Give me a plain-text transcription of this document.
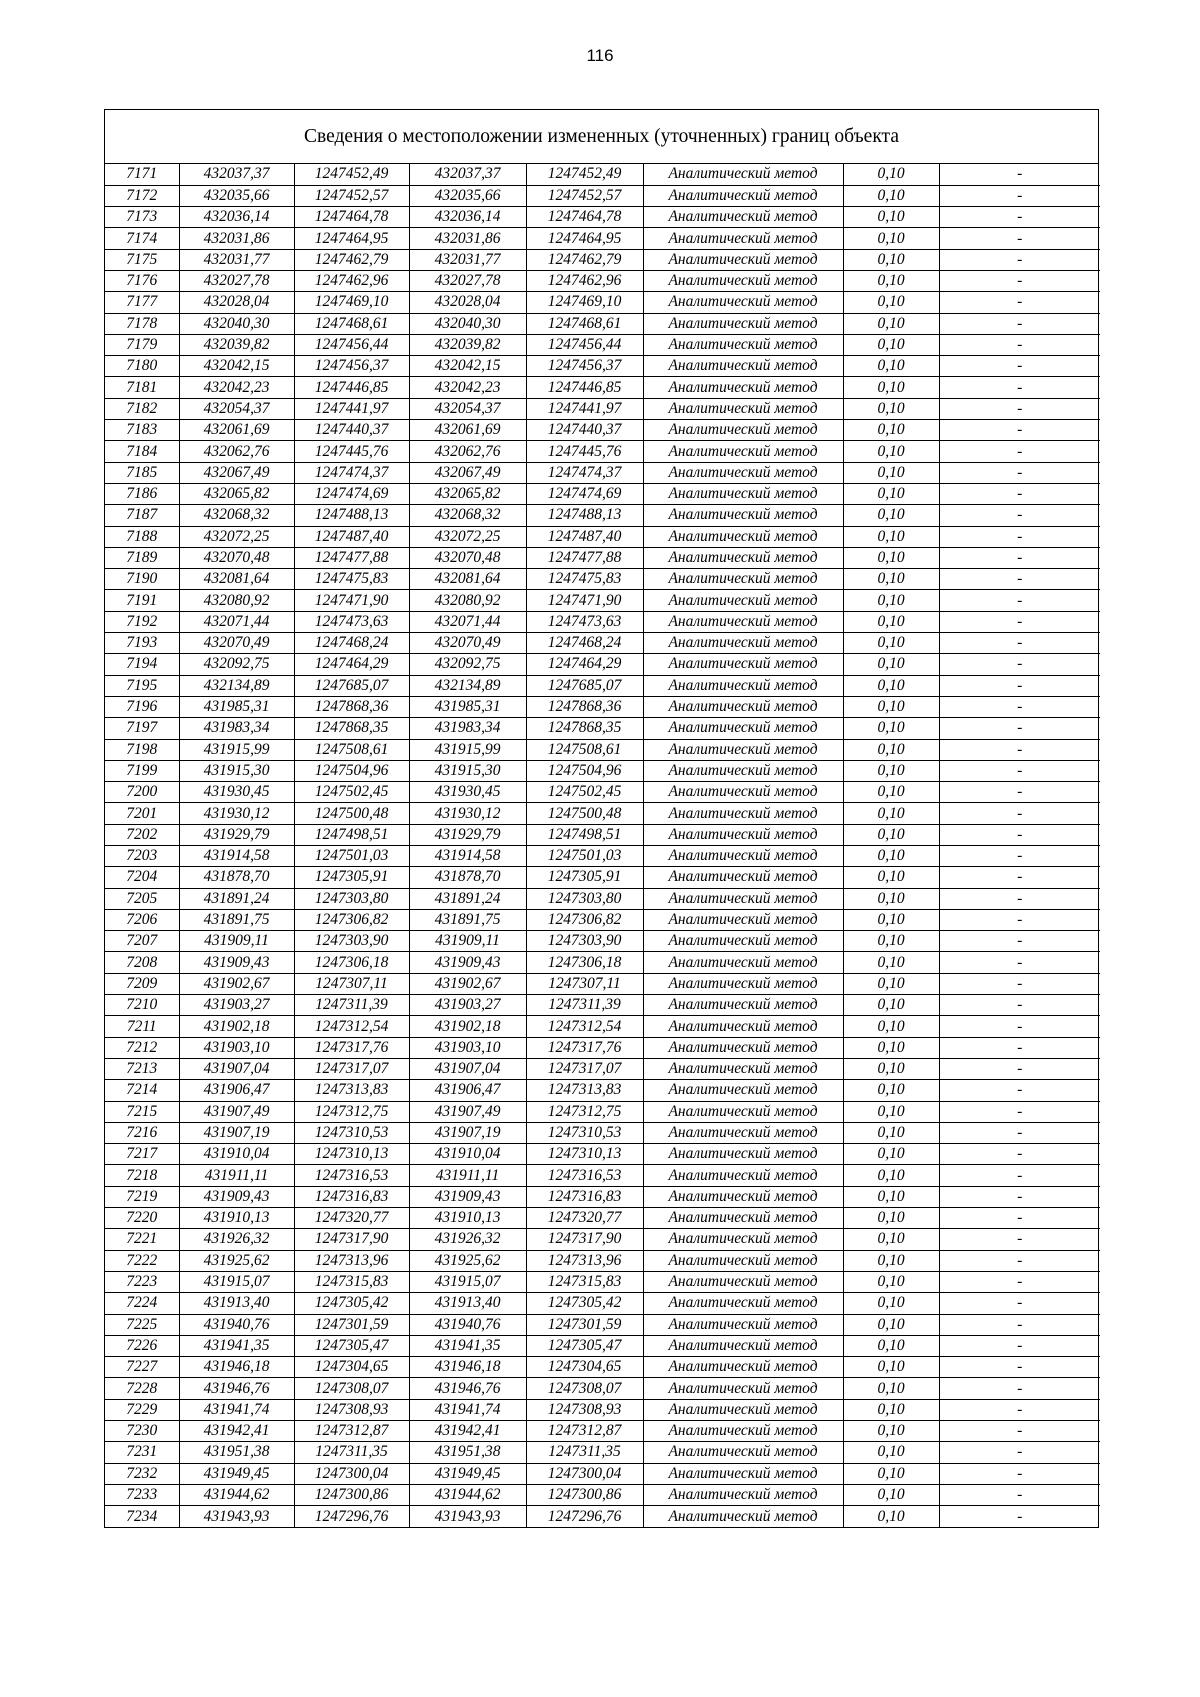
116
Сведения о местоположении измененных (уточненных) границ объекта
7171	432037,37	1247452,49	432037,37	1247452,49	Аналитический метод	0,10	-
7172	432035,66	1247452,57	432035,66	1247452,57	Аналитический метод	0,10	-
7173	432036,14	1247464,78	432036,14	1247464,78	Аналитический метод	0,10	-
7174	432031,86	1247464,95	432031,86	1247464,95	Аналитический метод	0,10	-
7175	432031,77	1247462,79	432031,77	1247462,79	Аналитический метод	0,10	-
7176	432027,78	1247462,96	432027,78	1247462,96	Аналитический метод	0,10	-
7177	432028,04	1247469,10	432028,04	1247469,10	Аналитический метод	0,10	-
7178	432040,30	1247468,61	432040,30	1247468,61	Аналитический метод	0,10	-
7179	432039,82	1247456,44	432039,82	1247456,44	Аналитический метод	0,10	-
7180	432042,15	1247456,37	432042,15	1247456,37	Аналитический метод	0,10	-
7181	432042,23	1247446,85	432042,23	1247446,85	Аналитический метод	0,10	-
7182	432054,37	1247441,97	432054,37	1247441,97	Аналитический метод	0,10	-
7183	432061,69	1247440,37	432061,69	1247440,37	Аналитический метод	0,10	-
7184	432062,76	1247445,76	432062,76	1247445,76	Аналитический метод	0,10	-
7185	432067,49	1247474,37	432067,49	1247474,37	Аналитический метод	0,10	-
7186	432065,82	1247474,69	432065,82	1247474,69	Аналитический метод	0,10	-
7187	432068,32	1247488,13	432068,32	1247488,13	Аналитический метод	0,10	-
7188	432072,25	1247487,40	432072,25	1247487,40	Аналитический метод	0,10	-
7189	432070,48	1247477,88	432070,48	1247477,88	Аналитический метод	0,10	-
7190	432081,64	1247475,83	432081,64	1247475,83	Аналитический метод	0,10	-
7191	432080,92	1247471,90	432080,92	1247471,90	Аналитический метод	0,10	-
7192	432071,44	1247473,63	432071,44	1247473,63	Аналитический метод	0,10	-
7193	432070,49	1247468,24	432070,49	1247468,24	Аналитический метод	0,10	-
7194	432092,75	1247464,29	432092,75	1247464,29	Аналитический метод	0,10	-
7195	432134,89	1247685,07	432134,89	1247685,07	Аналитический метод	0,10	-
7196	431985,31	1247868,36	431985,31	1247868,36	Аналитический метод	0,10	-
7197	431983,34	1247868,35	431983,34	1247868,35	Аналитический метод	0,10	-
7198	431915,99	1247508,61	431915,99	1247508,61	Аналитический метод	0,10	-
7199	431915,30	1247504,96	431915,30	1247504,96	Аналитический метод	0,10	-
7200	431930,45	1247502,45	431930,45	1247502,45	Аналитический метод	0,10	-
7201	431930,12	1247500,48	431930,12	1247500,48	Аналитический метод	0,10	-
7202	431929,79	1247498,51	431929,79	1247498,51	Аналитический метод	0,10	-
7203	431914,58	1247501,03	431914,58	1247501,03	Аналитический метод	0,10	-
7204	431878,70	1247305,91	431878,70	1247305,91	Аналитический метод	0,10	-
7205	431891,24	1247303,80	431891,24	1247303,80	Аналитический метод	0,10	-
7206	431891,75	1247306,82	431891,75	1247306,82	Аналитический метод	0,10	-
7207	431909,11	1247303,90	431909,11	1247303,90	Аналитический метод	0,10	-
7208	431909,43	1247306,18	431909,43	1247306,18	Аналитический метод	0,10	-
7209	431902,67	1247307,11	431902,67	1247307,11	Аналитический метод	0,10	-
7210	431903,27	1247311,39	431903,27	1247311,39	Аналитический метод	0,10	-
7211	431902,18	1247312,54	431902,18	1247312,54	Аналитический метод	0,10	-
7212	431903,10	1247317,76	431903,10	1247317,76	Аналитический метод	0,10	-
7213	431907,04	1247317,07	431907,04	1247317,07	Аналитический метод	0,10	-
7214	431906,47	1247313,83	431906,47	1247313,83	Аналитический метод	0,10	-
7215	431907,49	1247312,75	431907,49	1247312,75	Аналитический метод	0,10	-
7216	431907,19	1247310,53	431907,19	1247310,53	Аналитический метод	0,10	-
7217	431910,04	1247310,13	431910,04	1247310,13	Аналитический метод	0,10	-
7218	431911,11	1247316,53	431911,11	1247316,53	Аналитический метод	0,10	-
7219	431909,43	1247316,83	431909,43	1247316,83	Аналитический метод	0,10	-
7220	431910,13	1247320,77	431910,13	1247320,77	Аналитический метод	0,10	-
7221	431926,32	1247317,90	431926,32	1247317,90	Аналитический метод	0,10	-
7222	431925,62	1247313,96	431925,62	1247313,96	Аналитический метод	0,10	-
7223	431915,07	1247315,83	431915,07	1247315,83	Аналитический метод	0,10	-
7224	431913,40	1247305,42	431913,40	1247305,42	Аналитический метод	0,10	-
7225	431940,76	1247301,59	431940,76	1247301,59	Аналитический метод	0,10	-
7226	431941,35	1247305,47	431941,35	1247305,47	Аналитический метод	0,10	-
7227	431946,18	1247304,65	431946,18	1247304,65	Аналитический метод	0,10	-
7228	431946,76	1247308,07	431946,76	1247308,07	Аналитический метод	0,10	-
7229	431941,74	1247308,93	431941,74	1247308,93	Аналитический метод	0,10	-
7230	431942,41	1247312,87	431942,41	1247312,87	Аналитический метод	0,10	-
7231	431951,38	1247311,35	431951,38	1247311,35	Аналитический метод	0,10	-
7232	431949,45	1247300,04	431949,45	1247300,04	Аналитический метод	0,10	-
7233	431944,62	1247300,86	431944,62	1247300,86	Аналитический метод	0,10	-
7234	431943,93	1247296,76	431943,93	1247296,76	Аналитический метод	0,10	-
